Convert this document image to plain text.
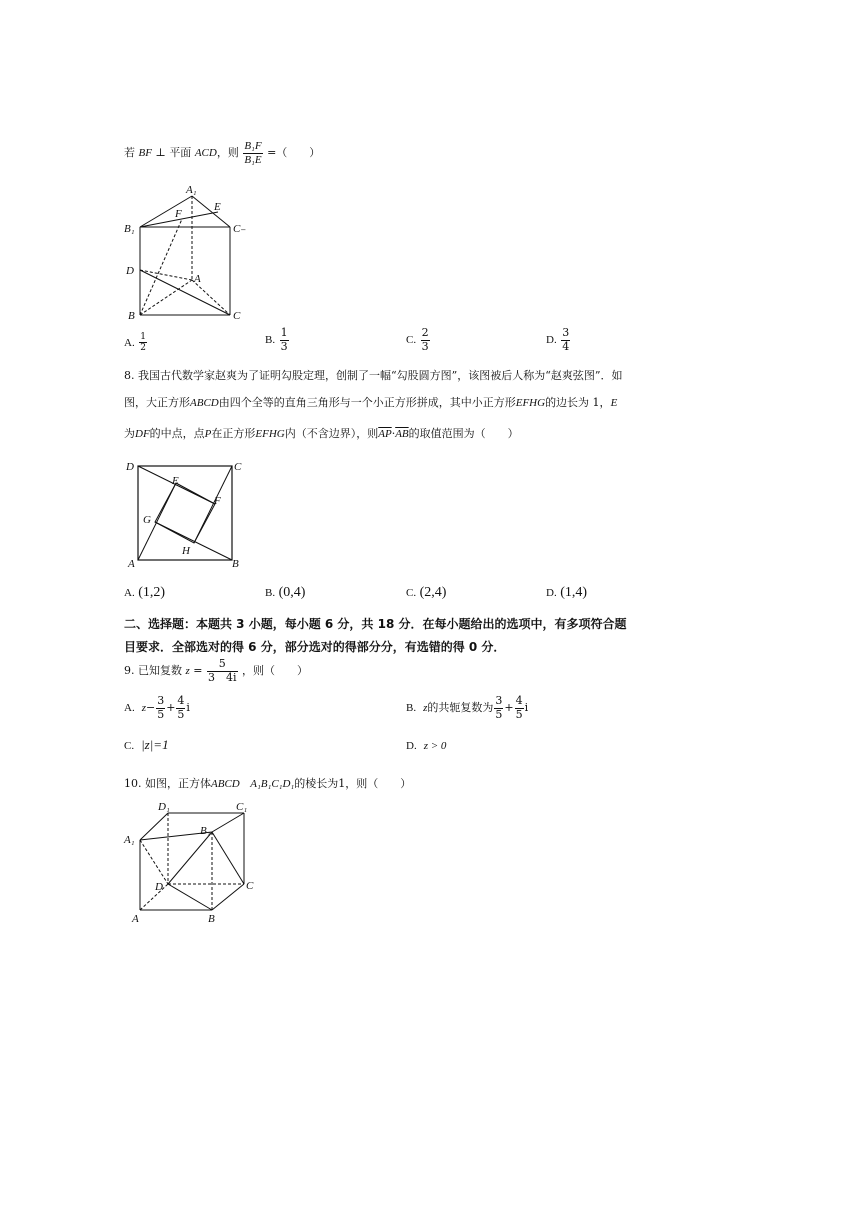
若 BF ⊥ 平面 ACD，则 $\frac{\text{B₁F}}{\text{B₁E}}$ =（　　）
A₁
E
F
B₁	C₋
D
A
B	C
A. $\frac{1}{2}$	B. $\frac{1}{3}$	C. $\frac{2}{3}$	D. $\frac{3}{4}$
8. 我国古代数学家赵爽为了证明勾股定理，创制了一幅“勾股圆方图”，该图被后人称为“赵爽弦图”．如
图，大正方形ABCD由四个全等的直角三角形与一个小正方形拼成，其中小正方形EFHG的边长为 1，E
为DF的中点，点P在正方形EFHG内（不含边界），则$\overline{AP}\cdot\overline{AB}$的取值范围为（　　）
D	C
E
F
G
H
A	B
A. (1,2)	B. (0,4)	C. (2,4)	D. (1,4)
二、选择题：本题共 3 小题，每小题 6 分，共 18 分．在每小题给出的选项中，有多项符合题
目要求．全部选对的得 6 分，部分选对的得部分分，有选错的得 0 分．
9. 已知复数 $z = \frac{5}{3 4i}$ ，则（　　）
A. $z- \frac{3}{5} + \frac{4}{5}$ i	B. z的共轭复数为 $\frac{3}{5} + \frac{4}{5}$ i
C. |z|=1	D. z > 0
10. 如图，正方体ABCD A₁B₁C₁D₁的棱长为1，则（　　）
D₁	C₁
A₁
B₁
D	C
A	B
